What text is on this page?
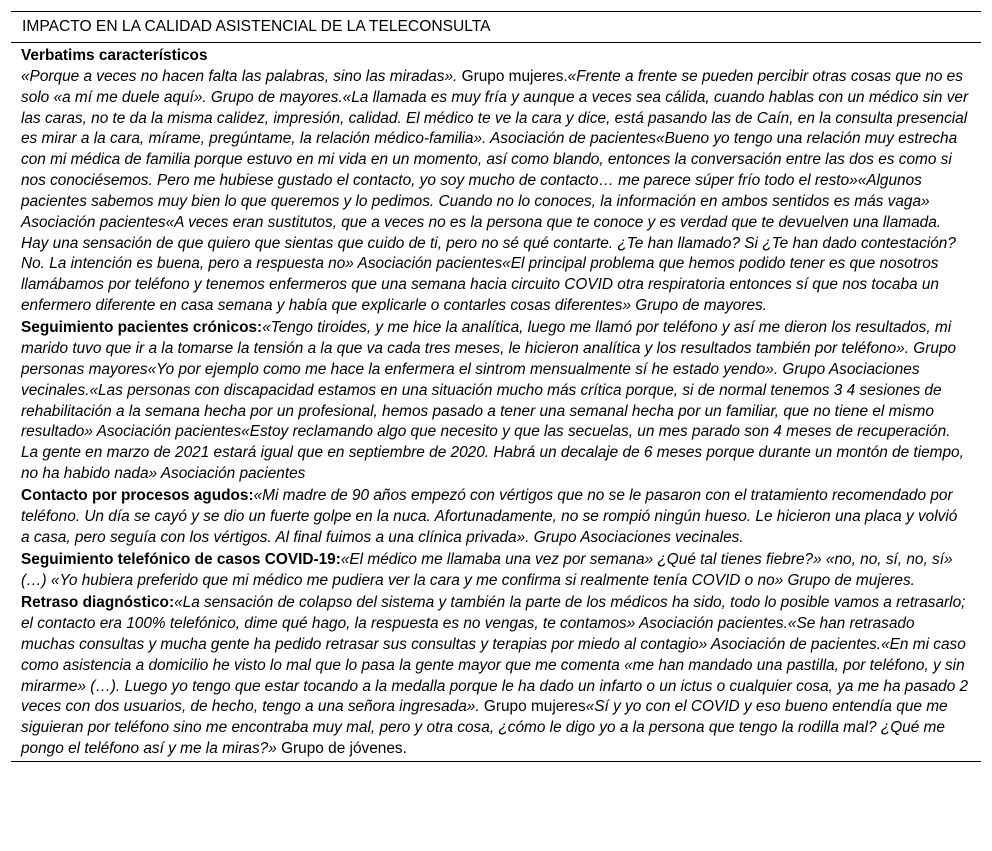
IMPACTO EN LA CALIDAD ASISTENCIAL DE LA TELECONSULTA
Verbatims característicos
«Porque a veces no hacen falta las palabras, sino las miradas». Grupo mujeres.«Frente a frente se pueden percibir otras cosas que no es solo «a mí me duele aquí». Grupo de mayores.«La llamada es muy fría y aunque a veces sea cálida, cuando hablas con un médico sin ver las caras, no te da la misma calidez, impresión, calidad. El médico te ve la cara y dice, está pasando las de Caín, en la consulta presencial es mirar a la cara, mírame, pregúntame, la relación médico-familia». Asociación de pacientes«Bueno yo tengo una relación muy estrecha con mi médica de familia porque estuvo en mi vida en un momento, así como blando, entonces la conversación entre las dos es como si nos conociésemos. Pero me hubiese gustado el contacto, yo soy mucho de contacto… me parece súper frío todo el resto»«Algunos pacientes sabemos muy bien lo que queremos y lo pedimos. Cuando no lo conoces, la información en ambos sentidos es más vaga» Asociación pacientes«A veces eran sustitutos, que a veces no es la persona que te conoce y es verdad que te devuelven una llamada. Hay una sensación de que quiero que sientas que cuido de ti, pero no sé qué contarte. ¿Te han llamado? Si ¿Te han dado contestación? No. La intención es buena, pero a respuesta no» Asociación pacientes«El principal problema que hemos podido tener es que nosotros llamábamos por teléfono y tenemos enfermeros que una semana hacia circuito COVID otra respiratoria entonces sí que nos tocaba un enfermero diferente en casa semana y había que explicarle o contarles cosas diferentes» Grupo de mayores.
Seguimiento pacientes crónicos:«Tengo tiroides, y me hice la analítica, luego me llamó por teléfono y así me dieron los resultados, mi marido tuvo que ir a la tomarse la tensión a la que va cada tres meses, le hicieron analítica y los resultados también por teléfono». Grupo personas mayores«Yo por ejemplo como me hace la enfermera el sintrom mensualmente sí he estado yendo». Grupo Asociaciones vecinales.«Las personas con discapacidad estamos en una situación mucho más crítica porque, si de normal tenemos 3 4 sesiones de rehabilitación a la semana hecha por un profesional, hemos pasado a tener una semanal hecha por un familiar, que no tiene el mismo resultado» Asociación pacientes«Estoy reclamando algo que necesito y que las secuelas, un mes parado son 4 meses de recuperación. La gente en marzo de 2021 estará igual que en septiembre de 2020. Habrá un decalaje de 6 meses porque durante un montón de tiempo, no ha habido nada» Asociación pacientes
Contacto por procesos agudos:«Mi madre de 90 años empezó con vértigos que no se le pasaron con el tratamiento recomendado por teléfono. Un día se cayó y se dio un fuerte golpe en la nuca. Afortunadamente, no se rompió ningún hueso. Le hicieron una placa y volvió a casa, pero seguía con los vértigos. Al final fuimos a una clínica privada». Grupo Asociaciones vecinales.
Seguimiento telefónico de casos COVID-19:«El médico me llamaba una vez por semana» ¿Qué tal tienes fiebre?» «no, no, sí, no, sí» (…) «Yo hubiera preferido que mi médico me pudiera ver la cara y me confirma si realmente tenía COVID o no» Grupo de mujeres.
Retraso diagnóstico:«La sensación de colapso del sistema y también la parte de los médicos ha sido, todo lo posible vamos a retrasarlo; el contacto era 100% telefónico, dime qué hago, la respuesta es no vengas, te contamos» Asociación pacientes.«Se han retrasado muchas consultas y mucha gente ha pedido retrasar sus consultas y terapias por miedo al contagio» Asociación de pacientes.«En mi caso como asistencia a domicilio he visto lo mal que lo pasa la gente mayor que me comenta «me han mandado una pastilla, por teléfono, y sin mirarme» (…). Luego yo tengo que estar tocando a la medalla porque le ha dado un infarto o un ictus o cualquier cosa, ya me ha pasado 2 veces con dos usuarios, de hecho, tengo a una señora ingresada». Grupo mujeres«Sí y yo con el COVID y eso bueno entendía que me siguieran por teléfono sino me encontraba muy mal, pero y otra cosa, ¿cómo le digo yo a la persona que tengo la rodilla mal? ¿Qué me pongo el teléfono así y me la miras?» Grupo de jóvenes.
